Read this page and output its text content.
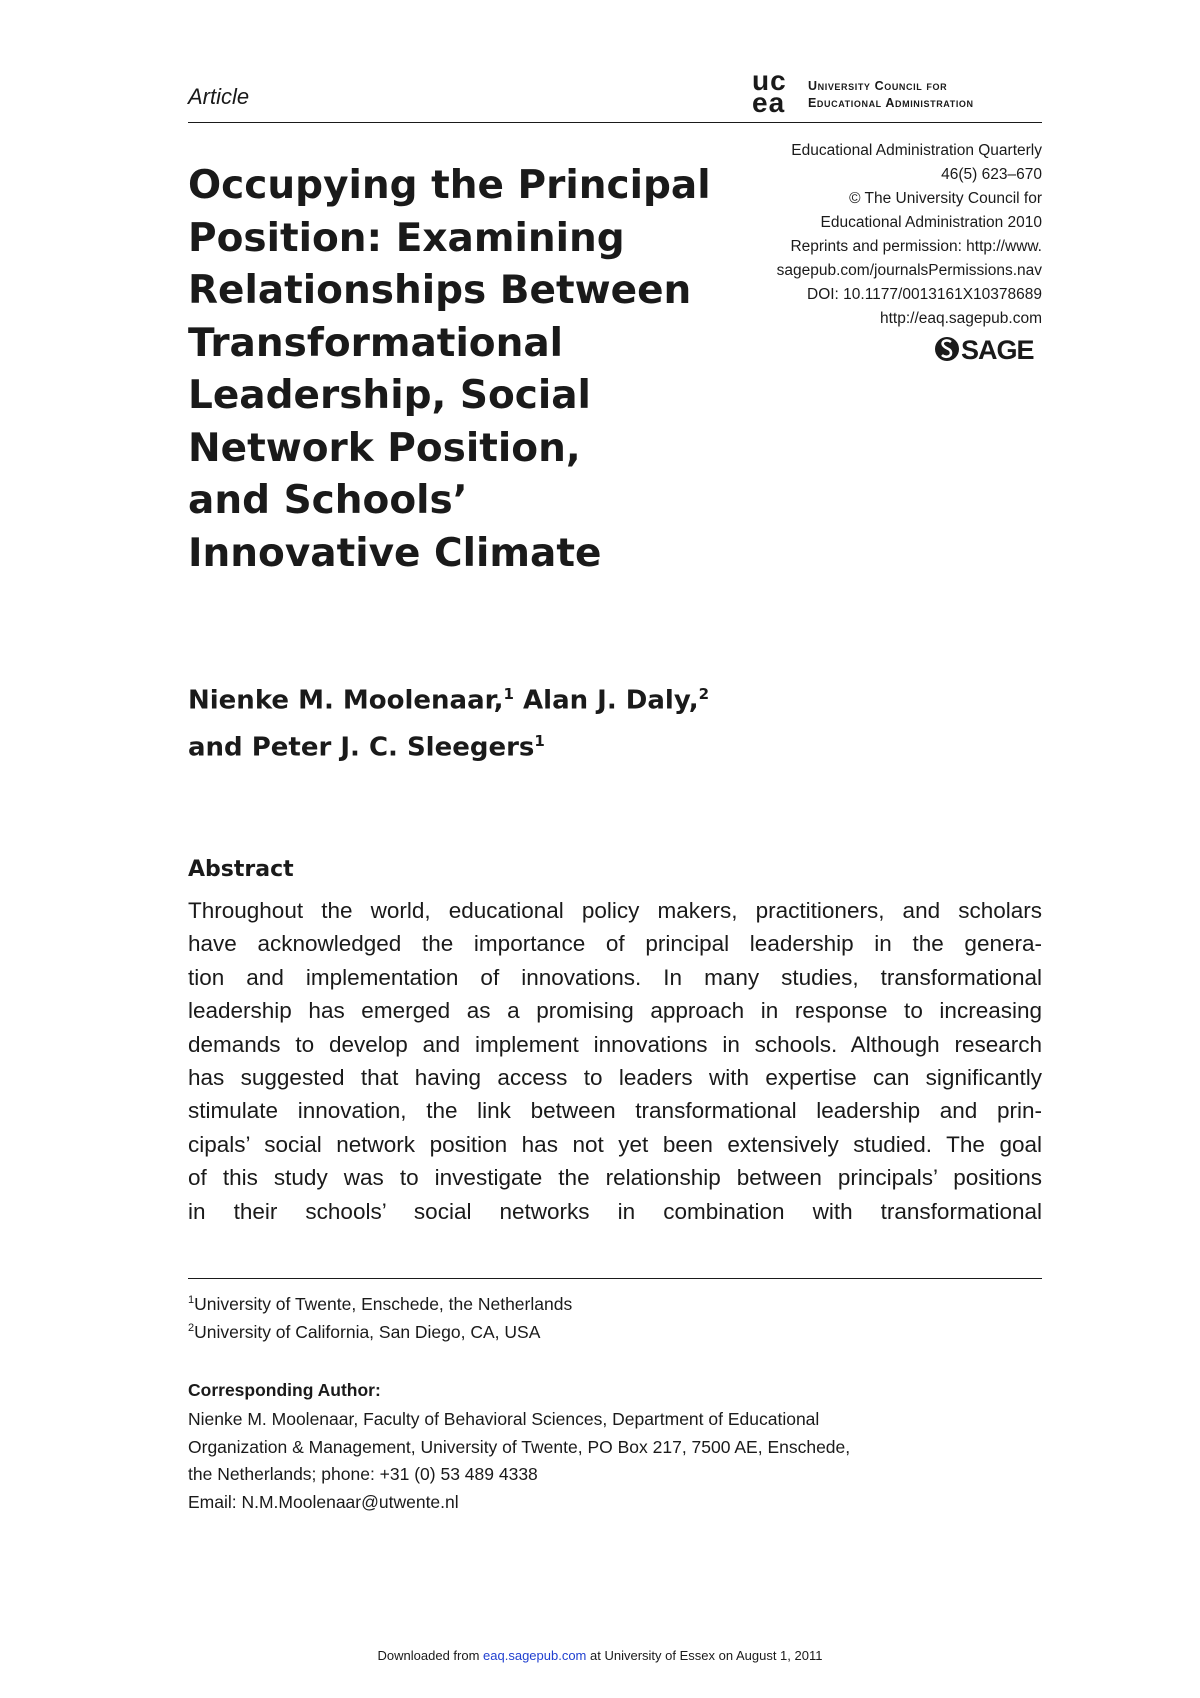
Article
uc
ea
University Council for
Educational Administration
Educational Administration Quarterly
46(5) 623–670
© The University Council for
Educational Administration 2010
Reprints and permission: http://www.
sagepub.com/journalsPermissions.nav
DOI: 10.1177/0013161X10378689
http://eaq.sagepub.com
SAGE
Occupying the Principal
Position: Examining
Relationships Between
Transformational
Leadership, Social
Network Position,
and Schools’
Innovative Climate
Nienke M. Moolenaar,$^1$ Alan J. Daly,$^2$
and Peter J. C. Sleegers$^1$
Abstract

Throughout the world, educational policy makers, practitioners, and scholars
have acknowledged the importance of principal leadership in the genera-
tion and implementation of innovations. In many studies, transformational
leadership has emerged as a promising approach in response to increasing
demands to develop and implement innovations in schools. Although research
has suggested that having access to leaders with expertise can significantly
stimulate innovation, the link between transformational leadership and prin-
cipals’ social network position has not yet been extensively studied. The goal
of this study was to investigate the relationship between principals’ positions
in their schools’ social networks in combination with transformational

$^1$University of Twente, Enschede, the Netherlands
$^2$University of California, San Diego, CA, USA
Corresponding Author:
Nienke M. Moolenaar, Faculty of Behavioral Sciences, Department of Educational
Organization & Management, University of Twente, PO Box 217, 7500 AE, Enschede,
the Netherlands; phone: +31 (0) 53 489 4338
Email: N.M.Moolenaar@utwente.nl
Downloaded from eaq.sagepub.com at University of Essex on August 1, 2011
